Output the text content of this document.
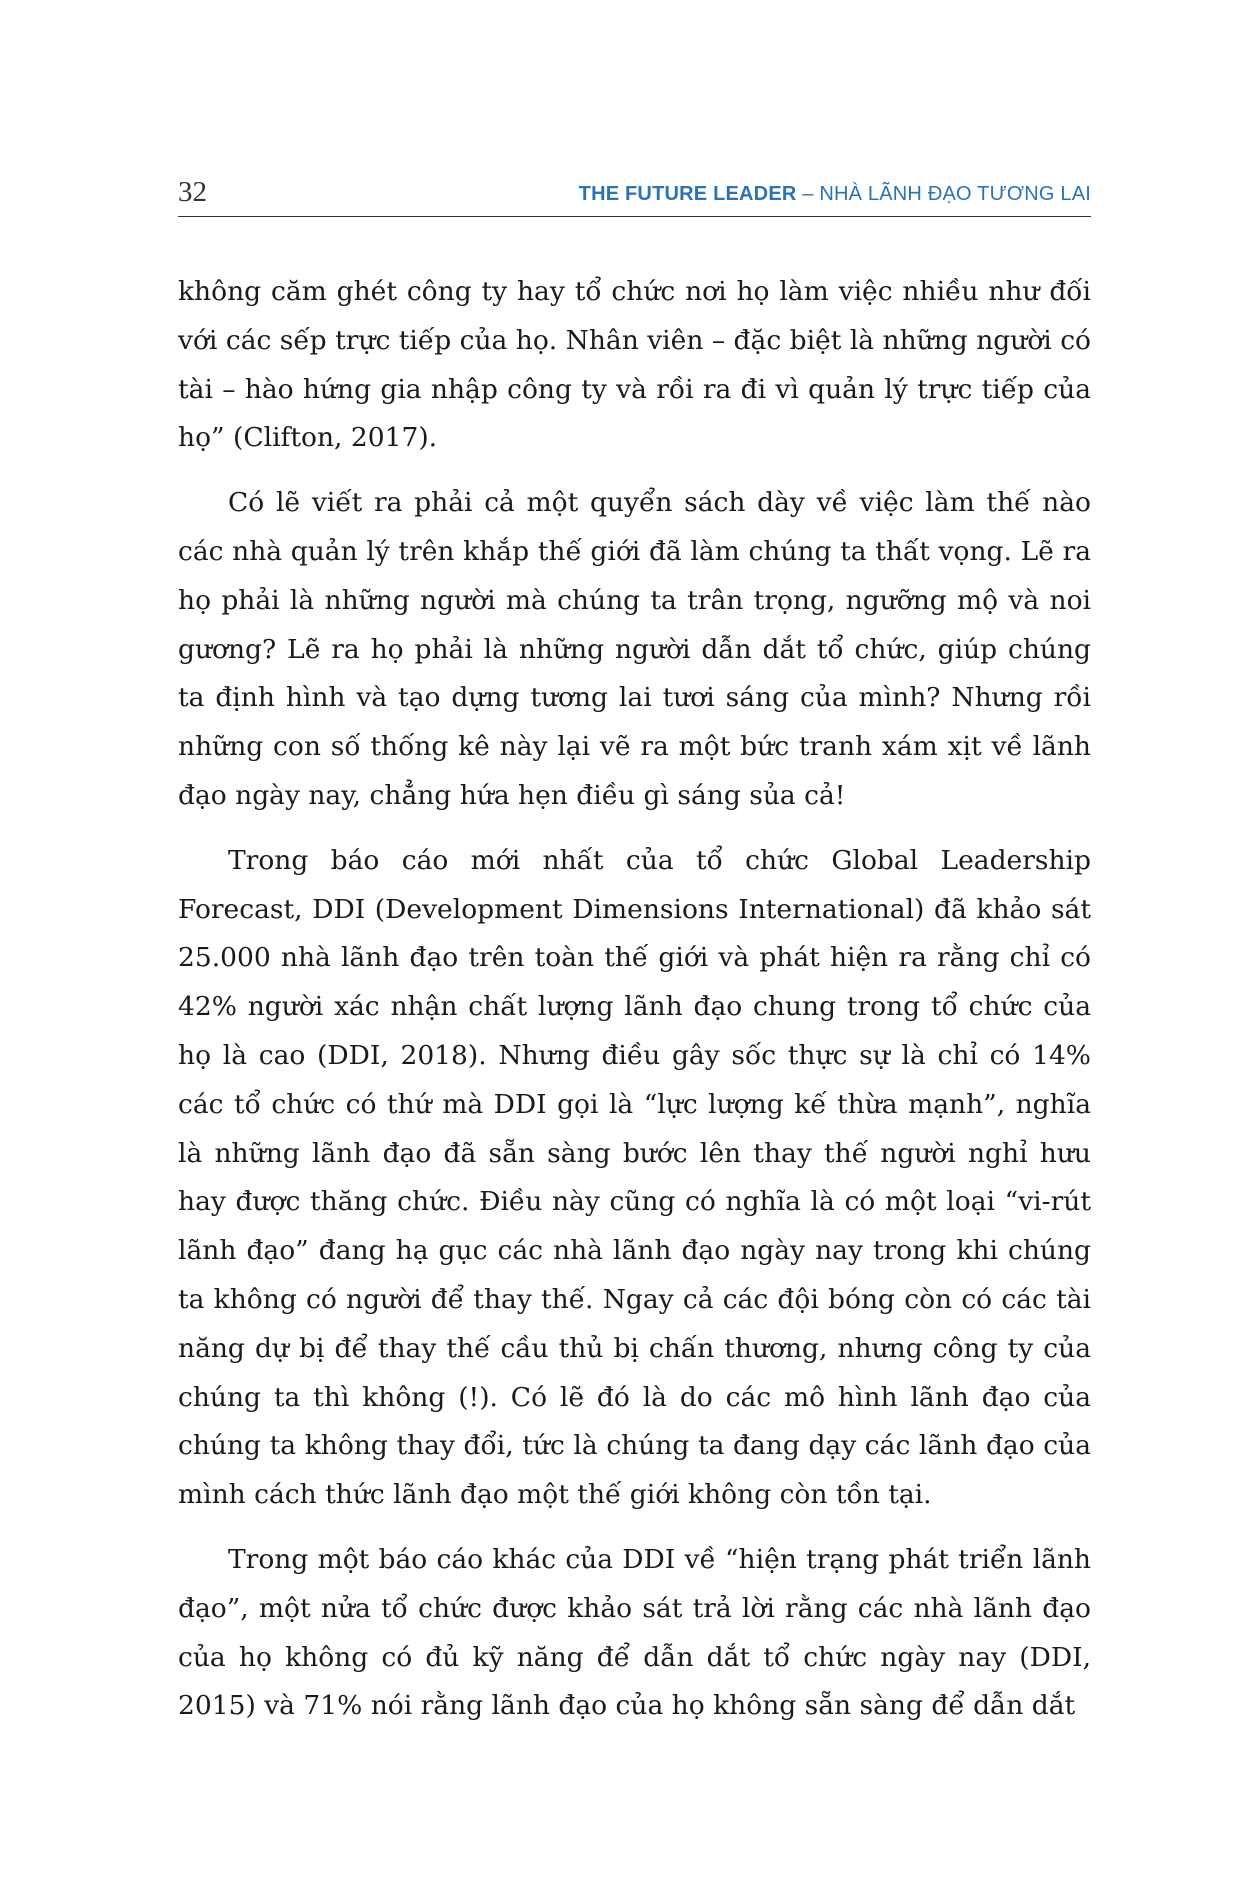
32	THE FUTURE LEADER – NHÀ LÃNH ĐẠO TƯƠNG LAI

không căm ghét công ty hay tổ chức nơi họ làm việc nhiều như đối với các sếp trực tiếp của họ. Nhân viên – đặc biệt là những người có tài – hào hứng gia nhập công ty và rồi ra đi vì quản lý trực tiếp của họ” (Clifton, 2017).

Có lẽ viết ra phải cả một quyển sách dày về việc làm thế nào các nhà quản lý trên khắp thế giới đã làm chúng ta thất vọng. Lẽ ra họ phải là những người mà chúng ta trân trọng, ngưỡng mộ và noi gương? Lẽ ra họ phải là những người dẫn dắt tổ chức, giúp chúng ta định hình và tạo dựng tương lai tươi sáng của mình? Nhưng rồi những con số thống kê này lại vẽ ra một bức tranh xám xịt về lãnh đạo ngày nay, chẳng hứa hẹn điều gì sáng sủa cả!

Trong báo cáo mới nhất của tổ chức Global Leadership Forecast, DDI (Development Dimensions International) đã khảo sát 25.000 nhà lãnh đạo trên toàn thế giới và phát hiện ra rằng chỉ có 42% người xác nhận chất lượng lãnh đạo chung trong tổ chức của họ là cao (DDI, 2018). Nhưng điều gây sốc thực sự là chỉ có 14% các tổ chức có thứ mà DDI gọi là “lực lượng kế thừa mạnh”, nghĩa là những lãnh đạo đã sẵn sàng bước lên thay thế người nghỉ hưu hay được thăng chức. Điều này cũng có nghĩa là có một loại “vi-rút lãnh đạo” đang hạ gục các nhà lãnh đạo ngày nay trong khi chúng ta không có người để thay thế. Ngay cả các đội bóng còn có các tài năng dự bị để thay thế cầu thủ bị chấn thương, nhưng công ty của chúng ta thì không (!). Có lẽ đó là do các mô hình lãnh đạo của chúng ta không thay đổi, tức là chúng ta đang dạy các lãnh đạo của mình cách thức lãnh đạo một thế giới không còn tồn tại.

Trong một báo cáo khác của DDI về “hiện trạng phát triển lãnh đạo”, một nửa tổ chức được khảo sát trả lời rằng các nhà lãnh đạo của họ không có đủ kỹ năng để dẫn dắt tổ chức ngày nay (DDI, 2015) và 71% nói rằng lãnh đạo của họ không sẵn sàng để dẫn dắt
